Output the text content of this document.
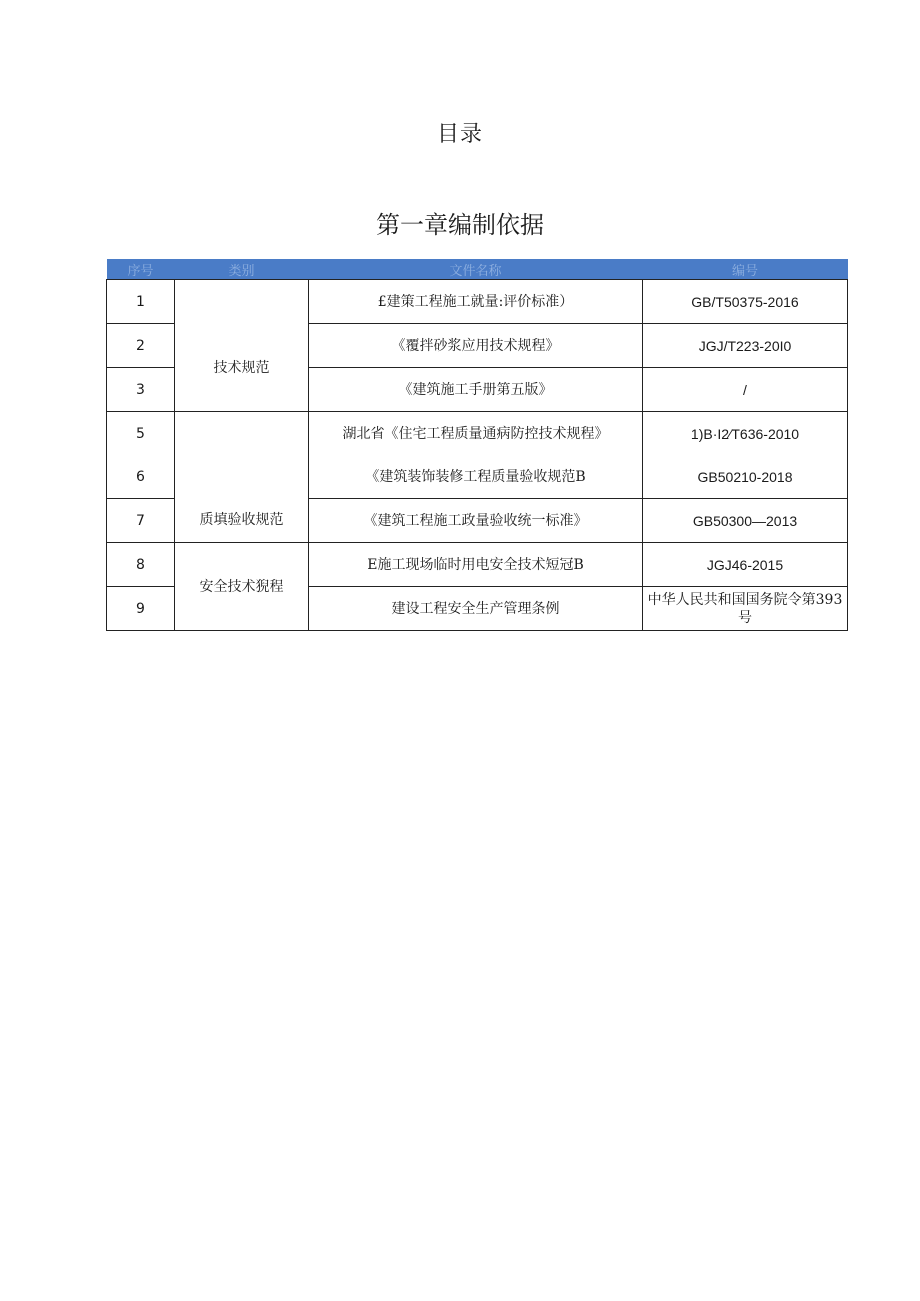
目录
第一章编制依据
序号	类别	文件名称	编号
1	技术规范	£建策工程施工就量:评价标准）	GB/T50375-2016
2		《覆拌砂浆应用技术规程》	JGJ/T223-20I0
3		《建筑施工手册第五版》	/
5	质填验收规范	湖北省《住宅工程质量通病防控技术规程》	1)B·I2∕T636-2010
6		《建筑装饰装修工程质量验收规范B	GB50210-2018
7		《建筑工程施工政量验收统一标准》	GB50300—2013
8	安全技术猊程	E施工现场临时用电安全技术短冠B	JGJ46-2015
9		建设工程安全生产管理条例	中华人民共和国国务院令第393号
